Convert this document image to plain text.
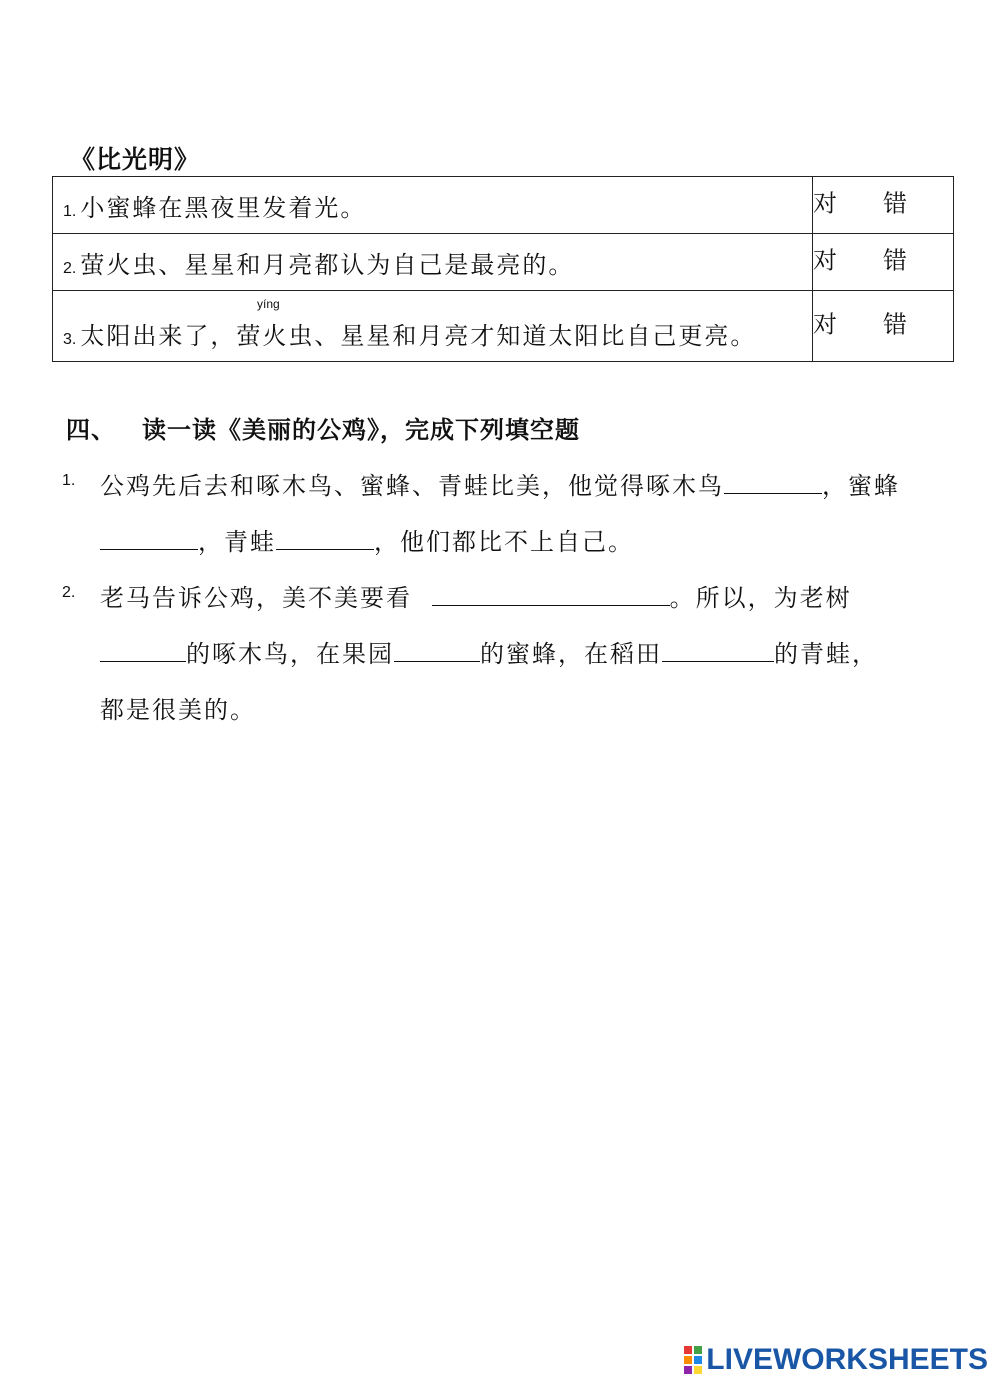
《比光明》
1. 小蜜蜂在黑夜里发着光。	对 错

2. 萤火虫、星星和月亮都认为自己是最亮的。	对 错

yíng
3. 太阳出来了，萤火虫、星星和月亮才知道太阳比自己更亮。	对 错
四、 读一读《美丽的公鸡》，完成下列填空题
1. 公鸡先后去和啄木鸟、蜜蜂、青蛙比美，他觉得啄木鸟	，蜜蜂
，青蛙	，他们都比不上自己。
2. 老马告诉公鸡，美不美要看	。所以，为老树
的啄木鸟，在果园	的蜜蜂，在稻田	的青蛙，
都是很美的。
LIVEWORKSHEETS
